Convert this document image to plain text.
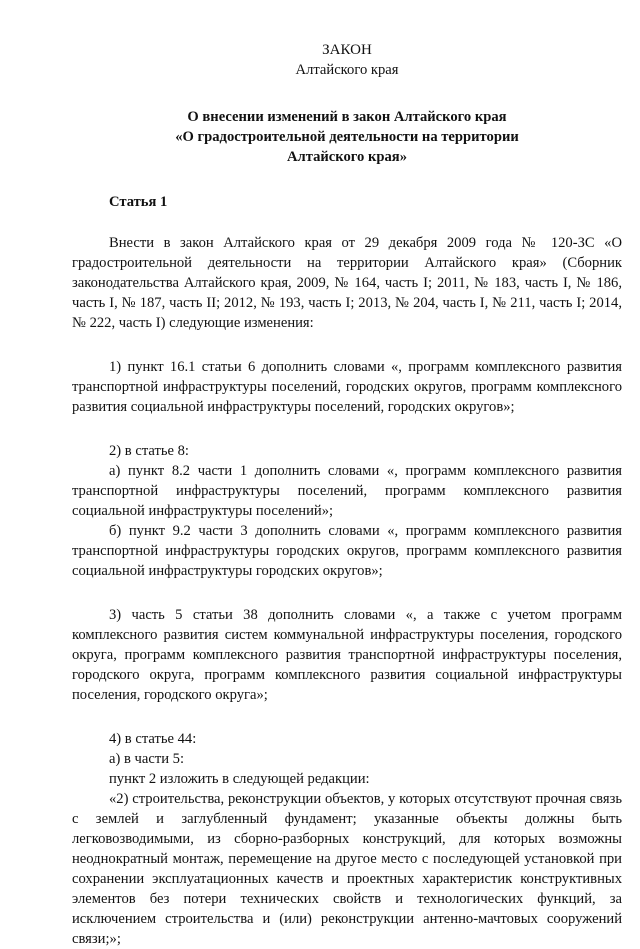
ЗАКОН
Алтайского края
О внесении изменений в закон Алтайского края
«О градостроительной деятельности на территории
Алтайского края»
Статья 1

Внести в закон Алтайского края от 29 декабря 2009 года № 120-ЗС «О градостроительной деятельности на территории Алтайского края» (Сборник законодательства Алтайского края, 2009, № 164, часть I; 2011, № 183, часть I, № 186, часть I, № 187, часть II; 2012, № 193, часть I; 2013, № 204, часть I, № 211, часть I; 2014, № 222, часть I) следующие изменения:

1) пункт 16.1 статьи 6 дополнить словами «, программ комплексного развития транспортной инфраструктуры поселений, городских округов, программ комплексного развития социальной инфраструктуры поселений, городских округов»;

2) в статье 8:

а) пункт 8.2 части 1 дополнить словами «, программ комплексного развития транспортной инфраструктуры поселений, программ комплексного развития социальной инфраструктуры поселений»;

б) пункт 9.2 части 3 дополнить словами «, программ комплексного развития транспортной инфраструктуры городских округов, программ комплексного развития социальной инфраструктуры городских округов»;

3) часть 5 статьи 38 дополнить словами «, а также с учетом программ комплексного развития систем коммунальной инфраструктуры поселения, городского округа, программ комплексного развития транспортной инфраструктуры поселения, городского округа, программ комплексного развития социальной инфраструктуры поселения, городского округа»;

4) в статье 44:

а) в части 5:

пункт 2 изложить в следующей редакции:

«2) строительства, реконструкции объектов, у которых отсутствуют прочная связь с землей и заглубленный фундамент; указанные объекты должны быть легковозводимыми, из сборно-разборных конструкций, для которых возможны неоднократный монтаж, перемещение на другое место с последующей установкой при сохранении эксплуатационных качеств и проектных характеристик конструктивных элементов без потери технических свойств и технологических функций, за исключением строительства и (или) реконструкции антенно-мачтовых сооружений связи;»;
